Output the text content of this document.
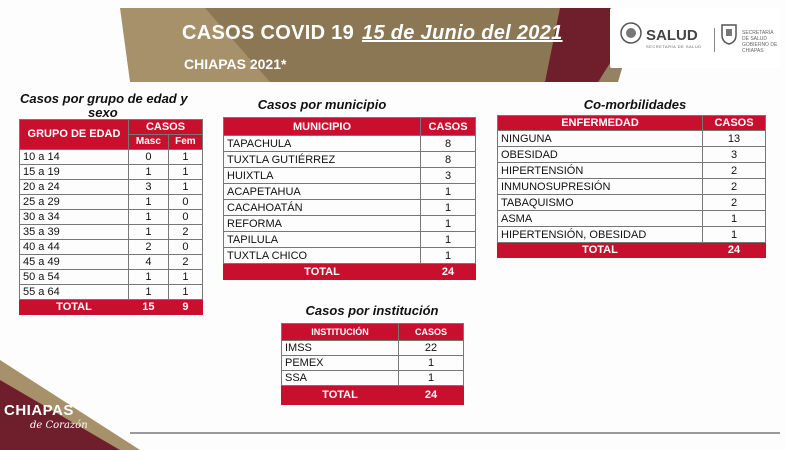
CASOS COVID 19 15 de Junio del 2021
CHIAPAS 2021*
SALUD
SECRETARÍA DE SALUD
SECRETARÍA DE SALUD GOBIERNO DE CHIAPAS
Casos por grupo de edad y
sexo
GRUPO DE EDAD	CASOS	
	Masc	Fem
10 a 14	0	1
15 a 19	1	1
20 a 24	3	1
25 a 29	1	0
30 a 34	1	0
35 a 39	1	2
40 a 44	2	0
45 a 49	4	2
50 a 54	1	1
55 a 64	1	1
TOTAL	15	9
Casos por municipio
MUNICIPIO	CASOS
TAPACHULA	8
TUXTLA GUTIÉRREZ	8
HUIXTLA	3
ACAPETAHUA	1
CACAHOATÁN	1
REFORMA	1
TAPILULA	1
TUXTLA CHICO	1
TOTAL	24
Co-morbilidades
ENFERMEDAD	CASOS
NINGUNA	13
OBESIDAD	3
HIPERTENSIÓN	2
INMUNOSUPRESIÓN	2
TABAQUISMO	2
ASMA	1
HIPERTENSIÓN, OBESIDAD	1
TOTAL	24
Casos por institución
INSTITUCIÓN	CASOS
IMSS	22
PEMEX	1
SSA	1
TOTAL	24
CHIAPAS
de Corazón
